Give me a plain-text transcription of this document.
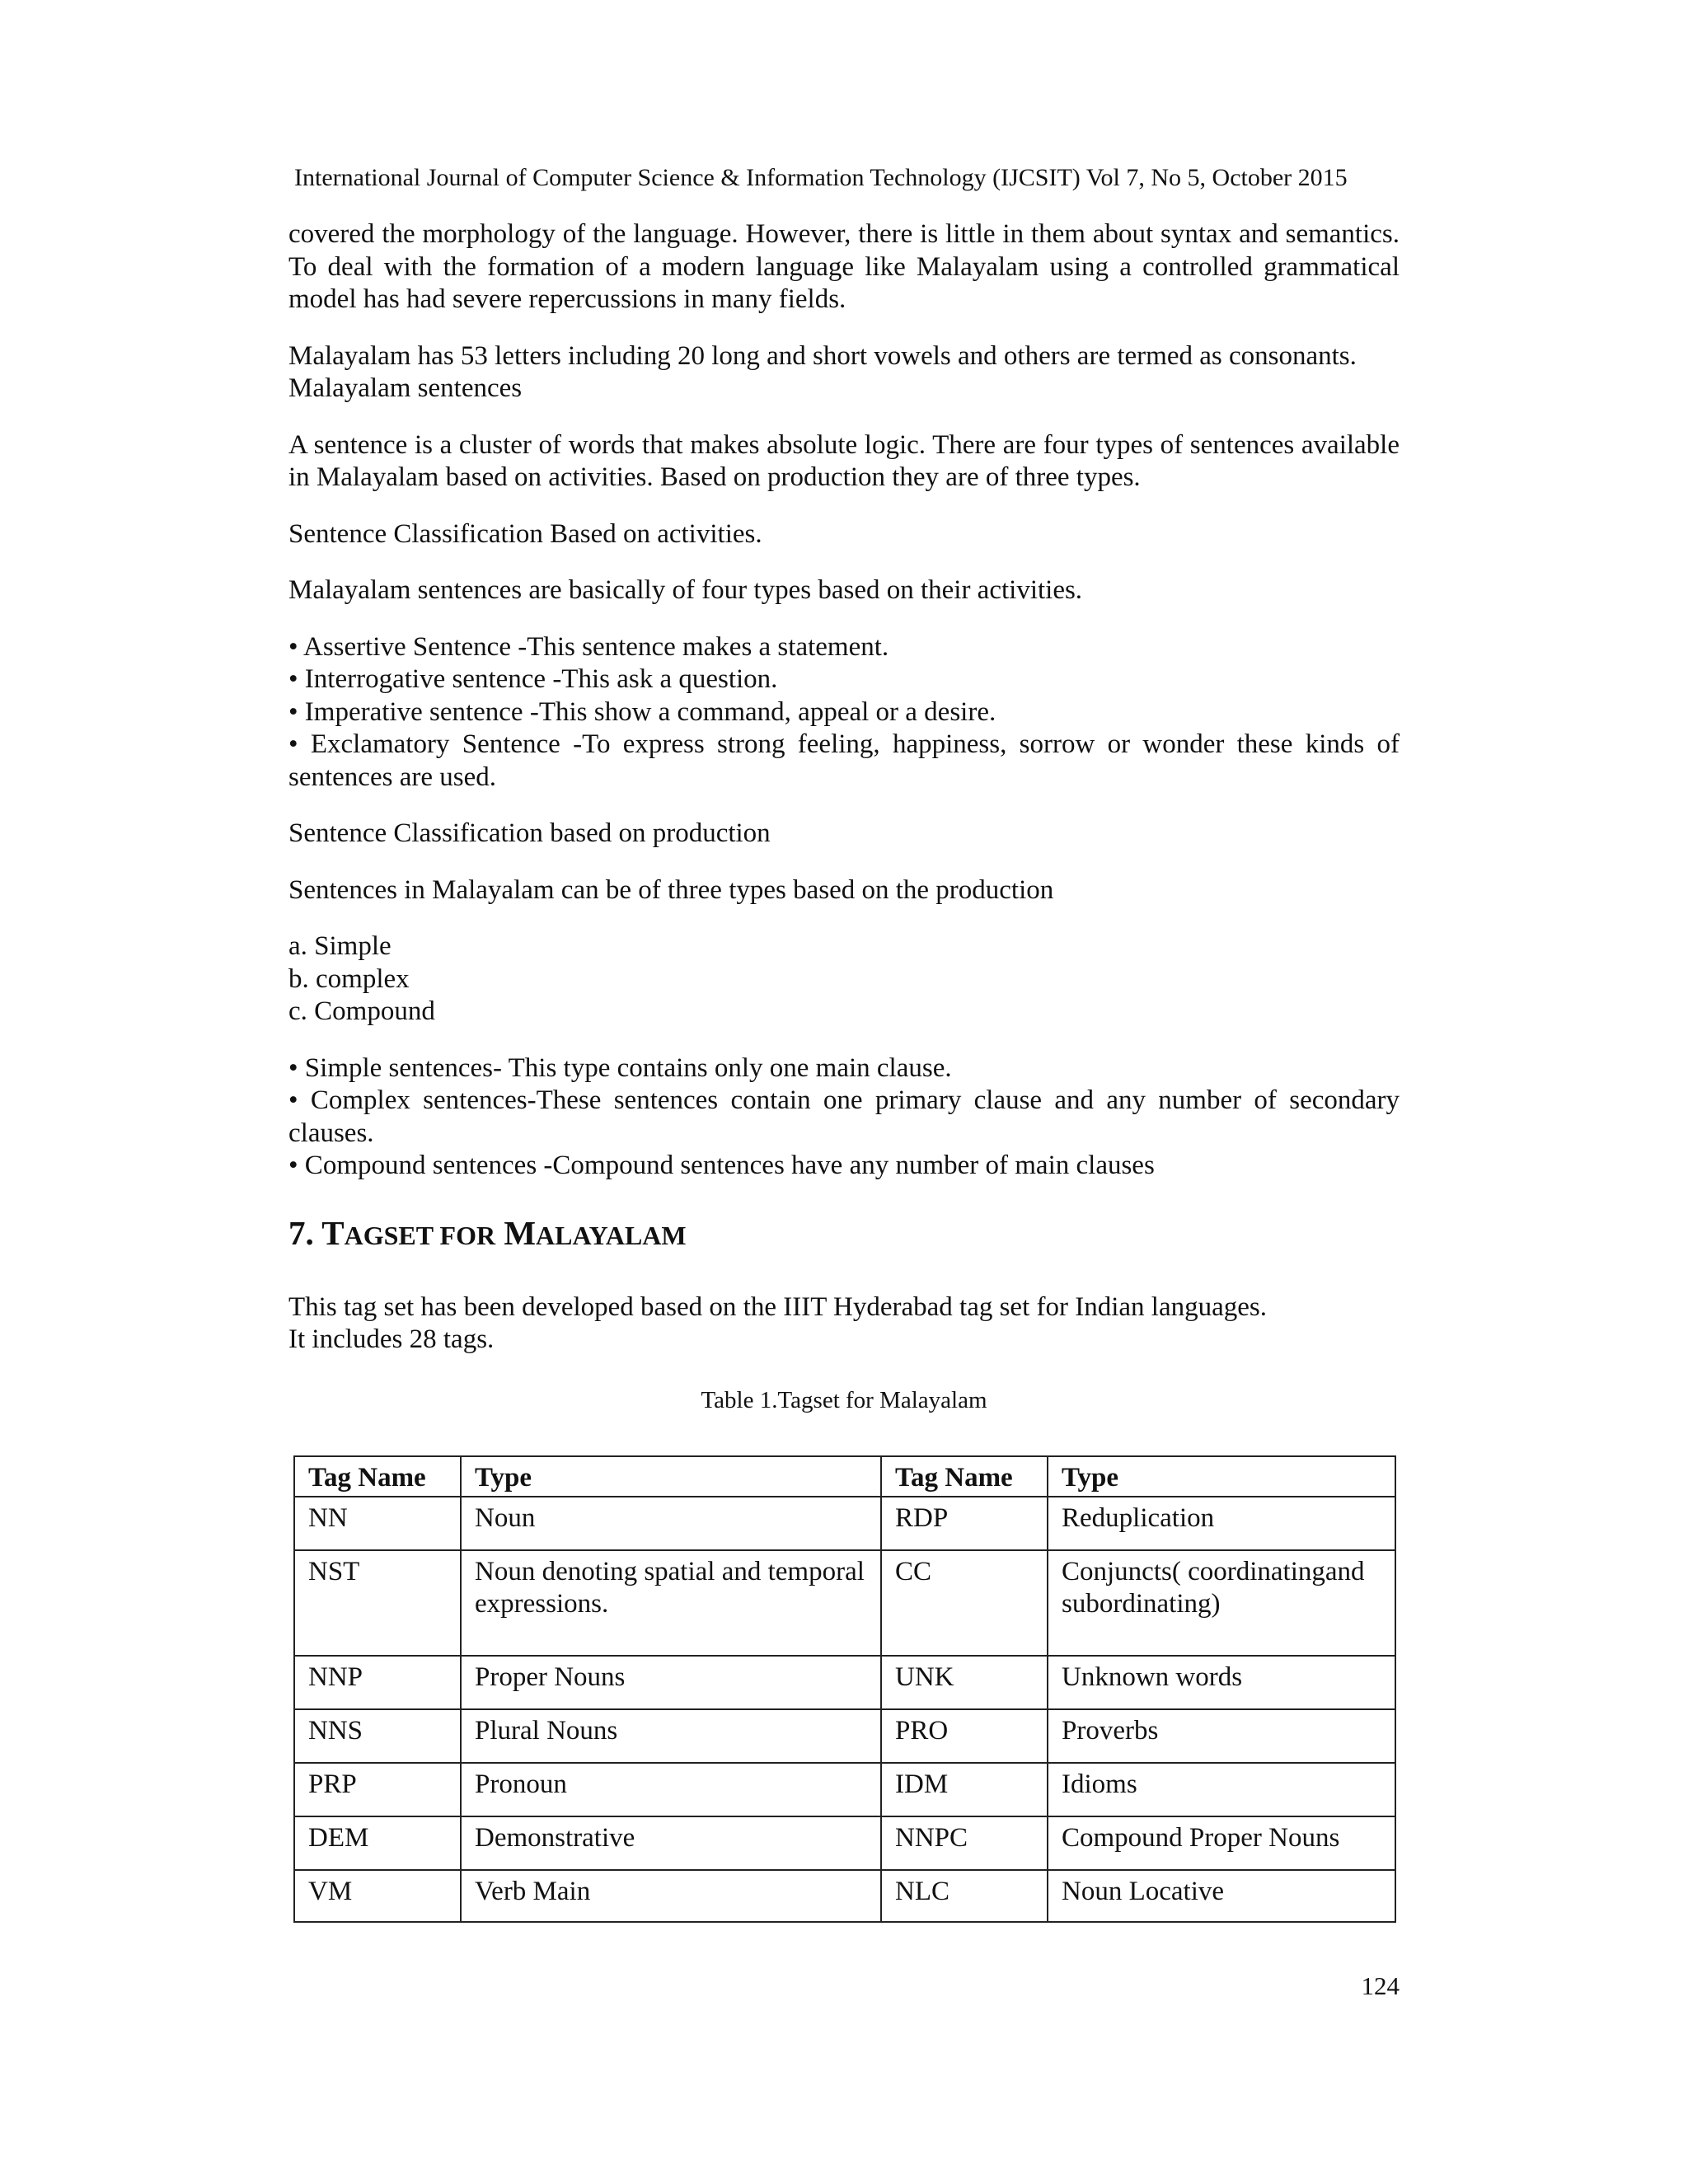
International Journal of Computer Science & Information Technology (IJCSIT) Vol 7, No 5, October 2015

covered the morphology of the language. However, there is little in them about syntax and semantics. To deal with the formation of a modern language like Malayalam using a controlled grammatical model has had severe repercussions in many fields.

Malayalam has 53 letters including 20 long and short vowels and others are termed as consonants.

Malayalam sentences

A sentence is a cluster of words that makes absolute logic. There are four types of sentences available in Malayalam based on activities. Based on production they are of three types.

Sentence Classification Based on activities.

Malayalam sentences are basically of four types based on their activities.

• Assertive Sentence -This sentence makes a statement.

• Interrogative sentence -This ask a question.

• Imperative sentence -This show a command, appeal or a desire.

• Exclamatory Sentence -To express strong feeling, happiness, sorrow or wonder these kinds of sentences are used.

Sentence Classification based on production

Sentences in Malayalam can be of three types based on the production

a. Simple

b. complex

c. Compound

• Simple sentences- This type contains only one main clause.

• Complex sentences-These sentences contain one primary clause and any number of secondary clauses.

• Compound sentences -Compound sentences have any number of main clauses

7. TAGSET FOR MALAYALAM

This tag set has been developed based on the IIIT Hyderabad tag set for Indian languages.

It includes 28 tags.

Table 1.Tagset for Malayalam

Tag Name	Type	Tag Name	Type
NN	Noun	RDP	Reduplication
NST	Noun denoting spatial and temporal expressions.	CC	Conjuncts( coordinatingand subordinating)
NNP	Proper Nouns	UNK	Unknown words
NNS	Plural Nouns	PRO	Proverbs
PRP	Pronoun	IDM	Idioms
DEM	Demonstrative	NNPC	Compound Proper Nouns
VM	Verb Main	NLC	Noun Locative
124
